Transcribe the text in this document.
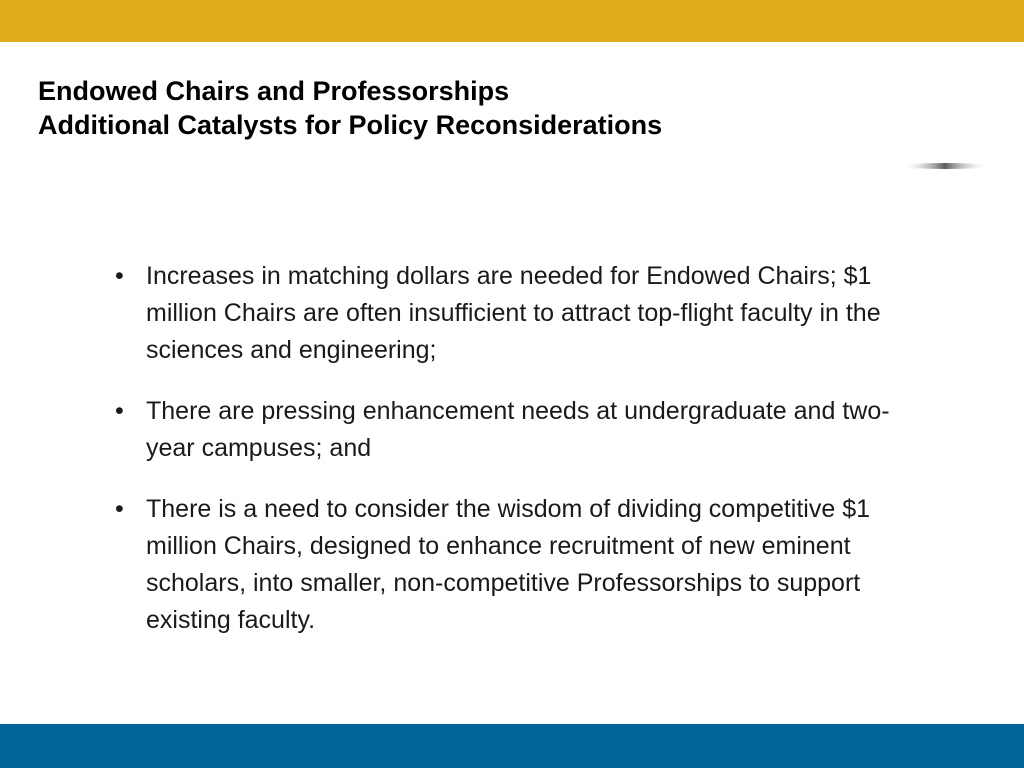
Endowed Chairs and Professorships
Additional Catalysts for Policy Reconsiderations
• Increases in matching dollars are needed for Endowed Chairs; $1 million Chairs are often insufficient to attract top-flight faculty in the sciences and engineering;
• There are pressing enhancement needs at undergraduate and two-year campuses; and
• There is a need to consider the wisdom of dividing competitive $1 million Chairs, designed to enhance recruitment of new eminent scholars, into smaller, non-competitive Professorships to support existing faculty.
